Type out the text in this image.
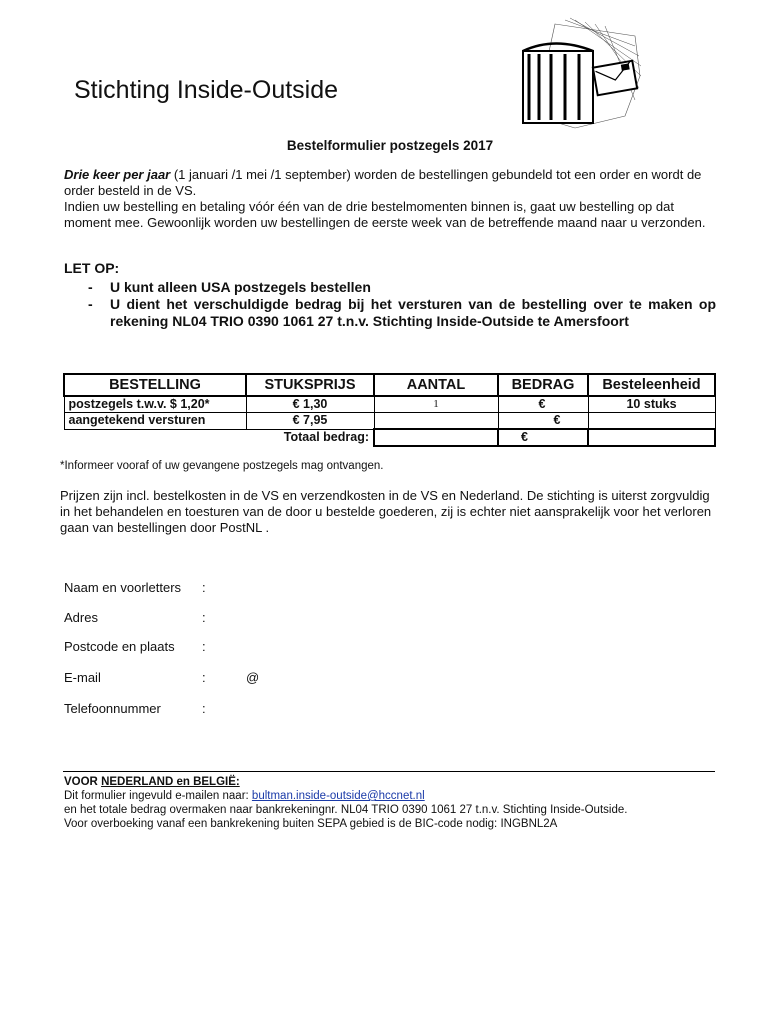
Stichting Inside-Outside
Bestelformulier postzegels 2017
Drie keer per jaar (1 januari /1 mei /1 september) worden de bestellingen gebundeld tot een order en wordt de order besteld in de VS.
Indien uw bestelling en betaling vóór één van de drie bestelmomenten binnen is, gaat uw bestelling op dat moment mee. Gewoonlijk worden uw bestellingen de eerste week van de betreffende maand naar u verzonden.
LET OP:
- U kunt alleen USA postzegels bestellen
- U dient het verschuldigde bedrag bij het versturen van de bestelling over te maken op rekening NL04 TRIO 0390 1061 27 t.n.v. Stichting Inside-Outside te Amersfoort
BESTELLING	STUKSPRIJS	AANTAL	BEDRAG	Besteleenheid
postzegels t.w.v. $ 1,20*	€ 1,30	1	€	10 stuks
aangetekend versturen	€ 7,95		€	
	Totaal bedrag:		€	
*Informeer vooraf of uw gevangene postzegels mag ontvangen.
Prijzen zijn incl. bestelkosten in de VS en verzendkosten in de VS en Nederland. De stichting is uiterst zorgvuldig in het behandelen en toesturen van de door u bestelde goederen, zij is echter niet aansprakelijk voor het verloren gaan van bestellingen door PostNL .
Naam en voorletters :
Adres	:
Postcode en plaats :
E-mail	:	@
Telefoonnummer	:
VOOR NEDERLAND en BELGIË:
Dit formulier ingevuld e-mailen naar: bultman.inside-outside@hccnet.nl
en het totale bedrag overmaken naar bankrekeningnr. NL04 TRIO 0390 1061 27 t.n.v. Stichting Inside-Outside.
Voor overboeking vanaf een bankrekening buiten SEPA gebied is de BIC-code nodig: INGBNL2A
